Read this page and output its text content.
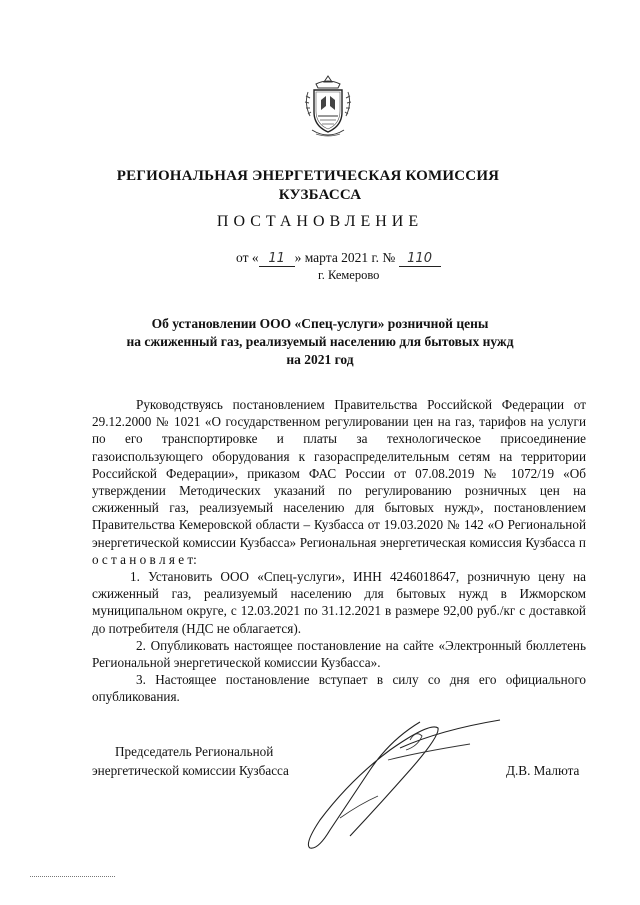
РЕГИОНАЛЬНАЯ ЭНЕРГЕТИЧЕСКАЯ КОМИССИЯ
КУЗБАССА
ПОСТАНОВЛЕНИЕ
от « 11 » марта 2021 г. № 110
г. Кемерово
Об установлении ООО «Спец-услуги» розничной цены
на сжиженный газ, реализуемый населению для бытовых нужд
на 2021 год

Руководствуясь постановлением Правительства Российской Федерации от 29.12.2000 № 1021 «О государственном регулировании цен на газ, тарифов на услуги по его транспортировке и платы за технологическое присоединение газоиспользующего оборудования к газораспределительным сетям на территории Российской Федерации», приказом ФАС России от 07.08.2019 № 1072/19 «Об утверждении Методических указаний по регулированию розничных цен на сжиженный газ, реализуемый населению для бытовых нужд», постановлением Правительства Кемеровской области – Кузбасса от 19.03.2020 № 142 «О Региональной энергетической комиссии Кузбасса» Региональная энергетическая комиссия Кузбасса п о с т а н о в л я е т:

1. Установить ООО «Спец-услуги», ИНН 4246018647, розничную цену на сжиженный газ, реализуемый населению для бытовых нужд в Ижморском муниципальном округе, с 12.03.2021 по 31.12.2021 в размере 92,00 руб./кг с доставкой до потребителя (НДС не облагается).

2. Опубликовать настоящее постановление на сайте «Электронный бюллетень Региональной энергетической комиссии Кузбасса».

3. Настоящее постановление вступает в силу со дня его официального опубликования.

Председатель Региональной
энергетической комиссии Кузбасса	Д.В. Малюта
